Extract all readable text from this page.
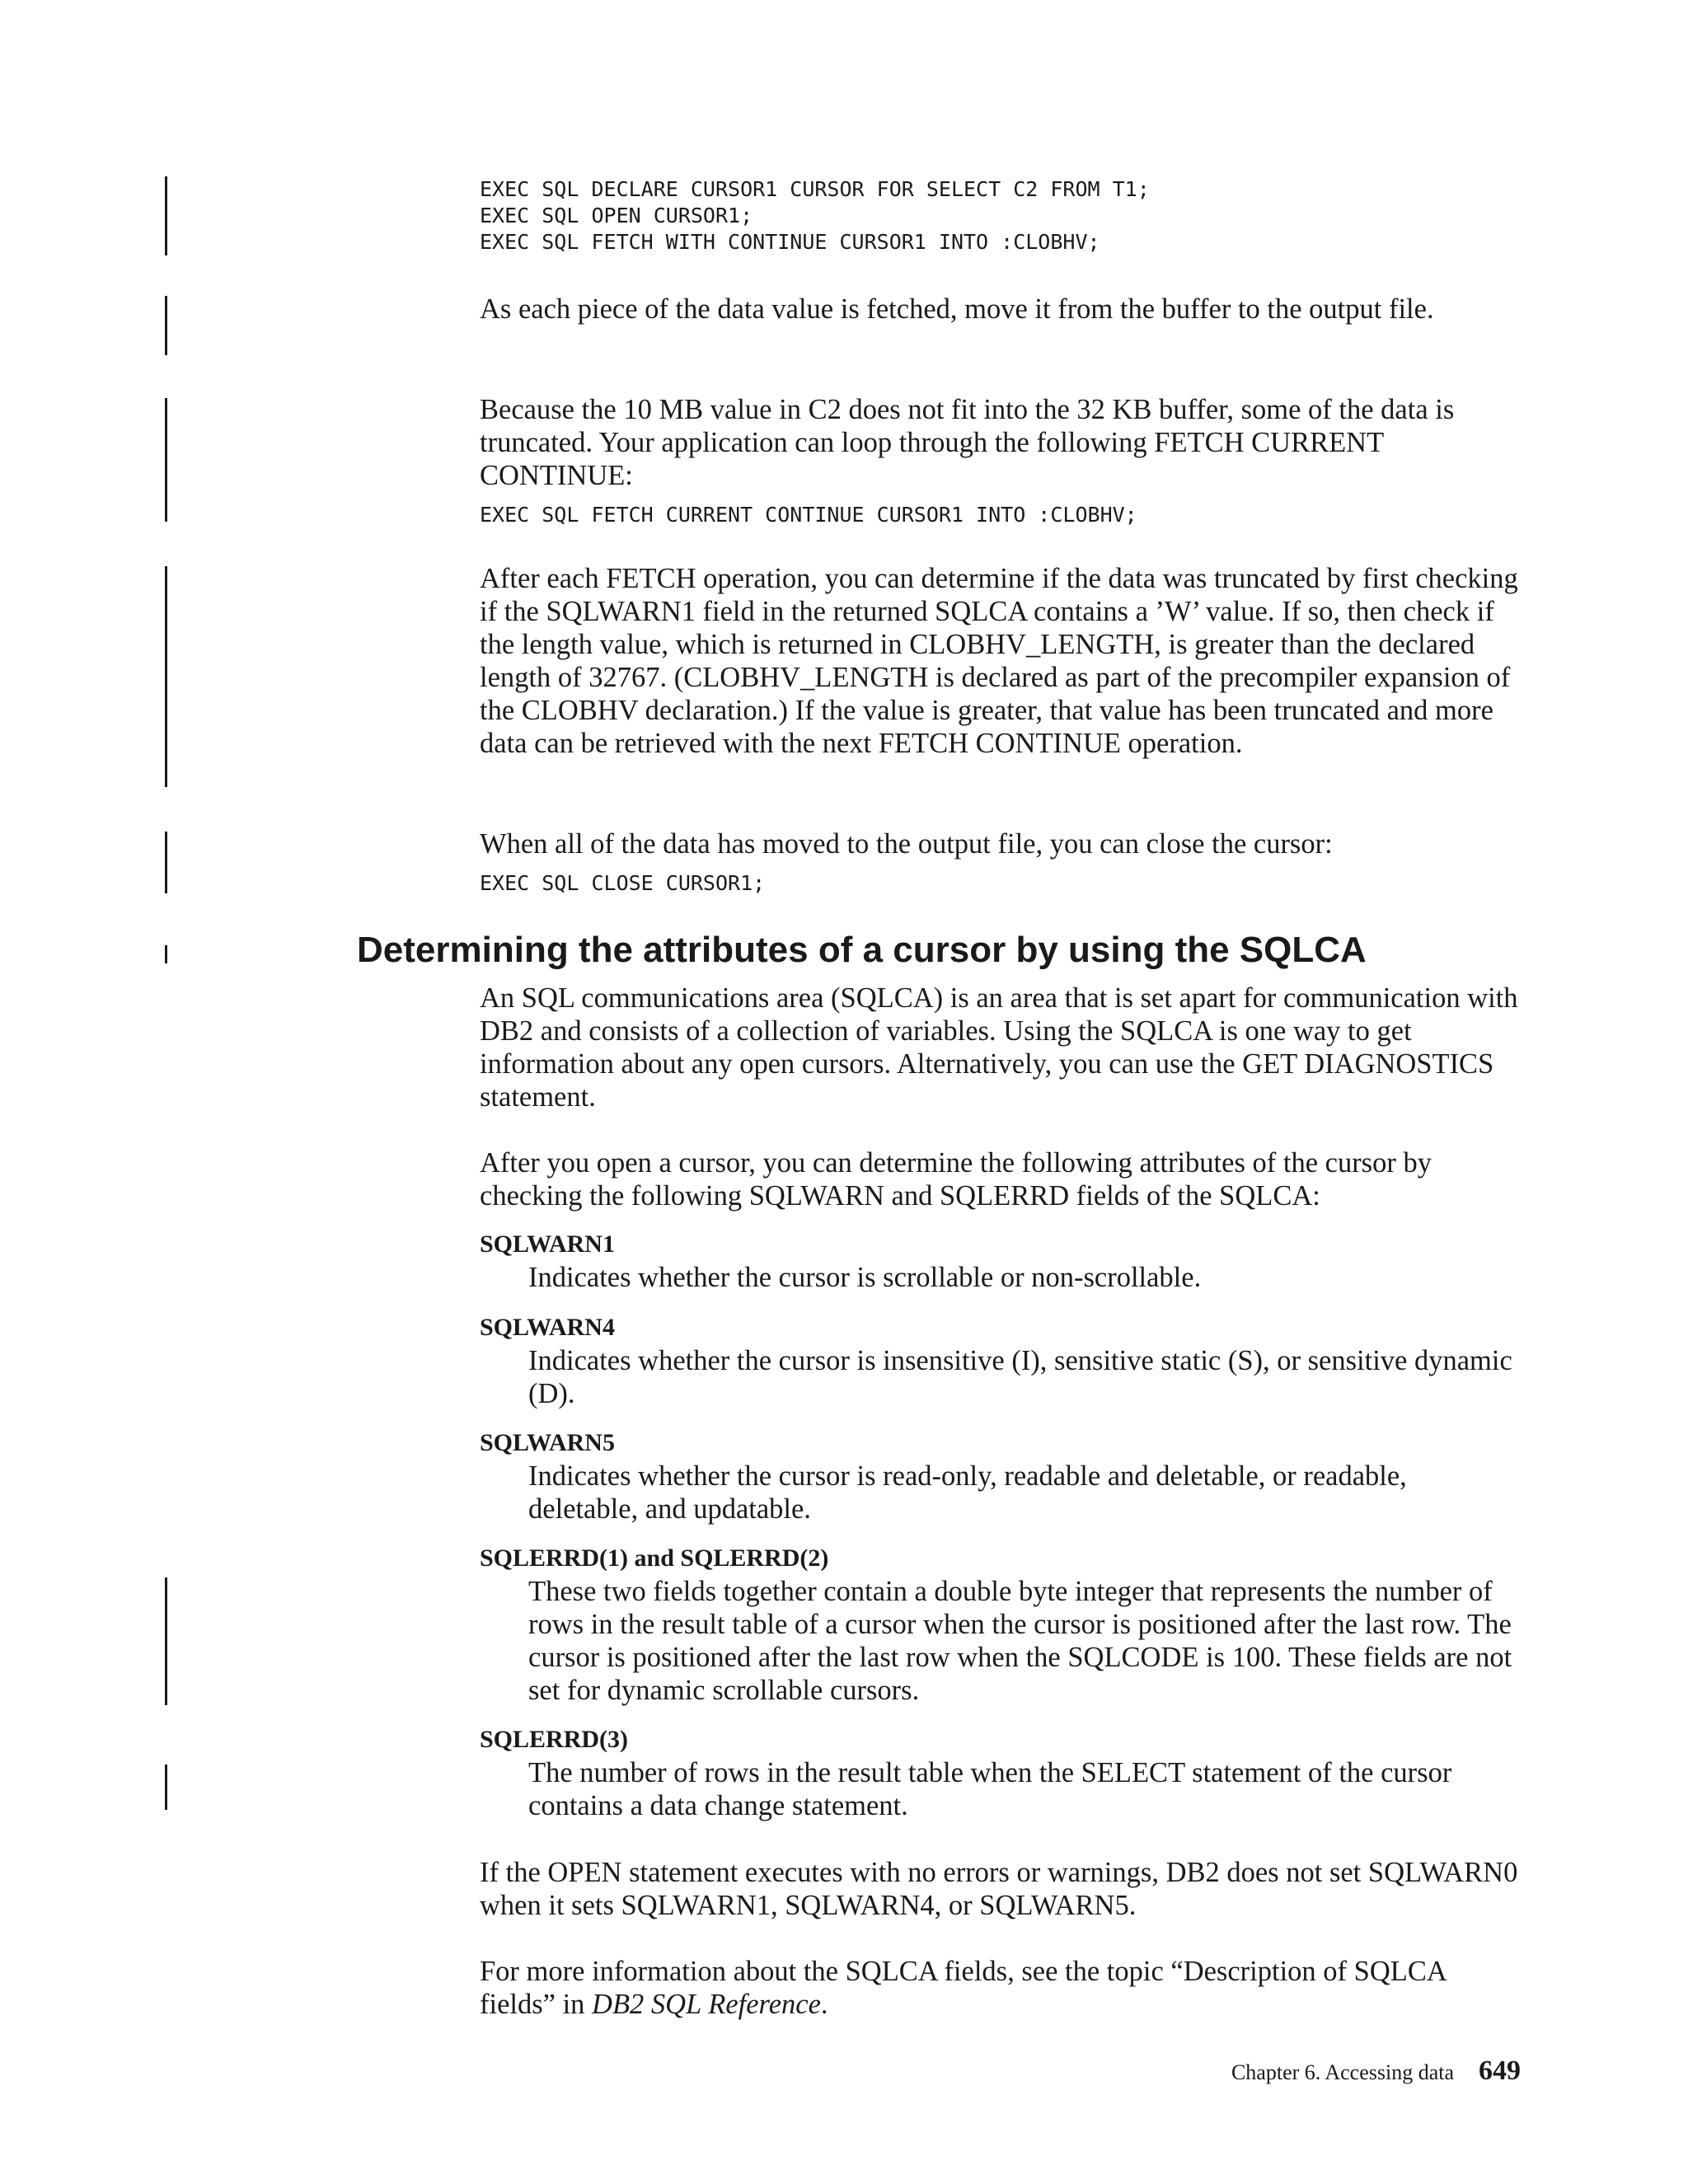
EXEC SQL DECLARE CURSOR1 CURSOR FOR SELECT C2 FROM T1;
EXEC SQL OPEN CURSOR1;
EXEC SQL FETCH WITH CONTINUE CURSOR1 INTO :CLOBHV;
As each piece of the data value is fetched, move it from the buffer to the output file.
Because the 10 MB value in C2 does not fit into the 32 KB buffer, some of the data is truncated. Your application can loop through the following FETCH CURRENT CONTINUE:
EXEC SQL FETCH CURRENT CONTINUE CURSOR1 INTO :CLOBHV;
After each FETCH operation, you can determine if the data was truncated by first checking if the SQLWARN1 field in the returned SQLCA contains a ’W’ value. If so, then check if the length value, which is returned in CLOBHV_LENGTH, is greater than the declared length of 32767. (CLOBHV_LENGTH is declared as part of the precompiler expansion of the CLOBHV declaration.) If the value is greater, that value has been truncated and more data can be retrieved with the next FETCH CONTINUE operation.
When all of the data has moved to the output file, you can close the cursor:
EXEC SQL CLOSE CURSOR1;
Determining the attributes of a cursor by using the SQLCA
An SQL communications area (SQLCA) is an area that is set apart for communication with DB2 and consists of a collection of variables. Using the SQLCA is one way to get information about any open cursors. Alternatively, you can use the GET DIAGNOSTICS statement.
After you open a cursor, you can determine the following attributes of the cursor by checking the following SQLWARN and SQLERRD fields of the SQLCA:
SQLWARN1
Indicates whether the cursor is scrollable or non-scrollable.
SQLWARN4
Indicates whether the cursor is insensitive (I), sensitive static (S), or sensitive dynamic (D).
SQLWARN5
Indicates whether the cursor is read-only, readable and deletable, or readable, deletable, and updatable.
SQLERRD(1) and SQLERRD(2)
These two fields together contain a double byte integer that represents the number of rows in the result table of a cursor when the cursor is positioned after the last row. The cursor is positioned after the last row when the SQLCODE is 100. These fields are not set for dynamic scrollable cursors.
SQLERRD(3)
The number of rows in the result table when the SELECT statement of the cursor contains a data change statement.
If the OPEN statement executes with no errors or warnings, DB2 does not set SQLWARN0 when it sets SQLWARN1, SQLWARN4, or SQLWARN5.
For more information about the SQLCA fields, see the topic “Description of SQLCA fields” in DB2 SQL Reference.
Chapter 6. Accessing data 649
